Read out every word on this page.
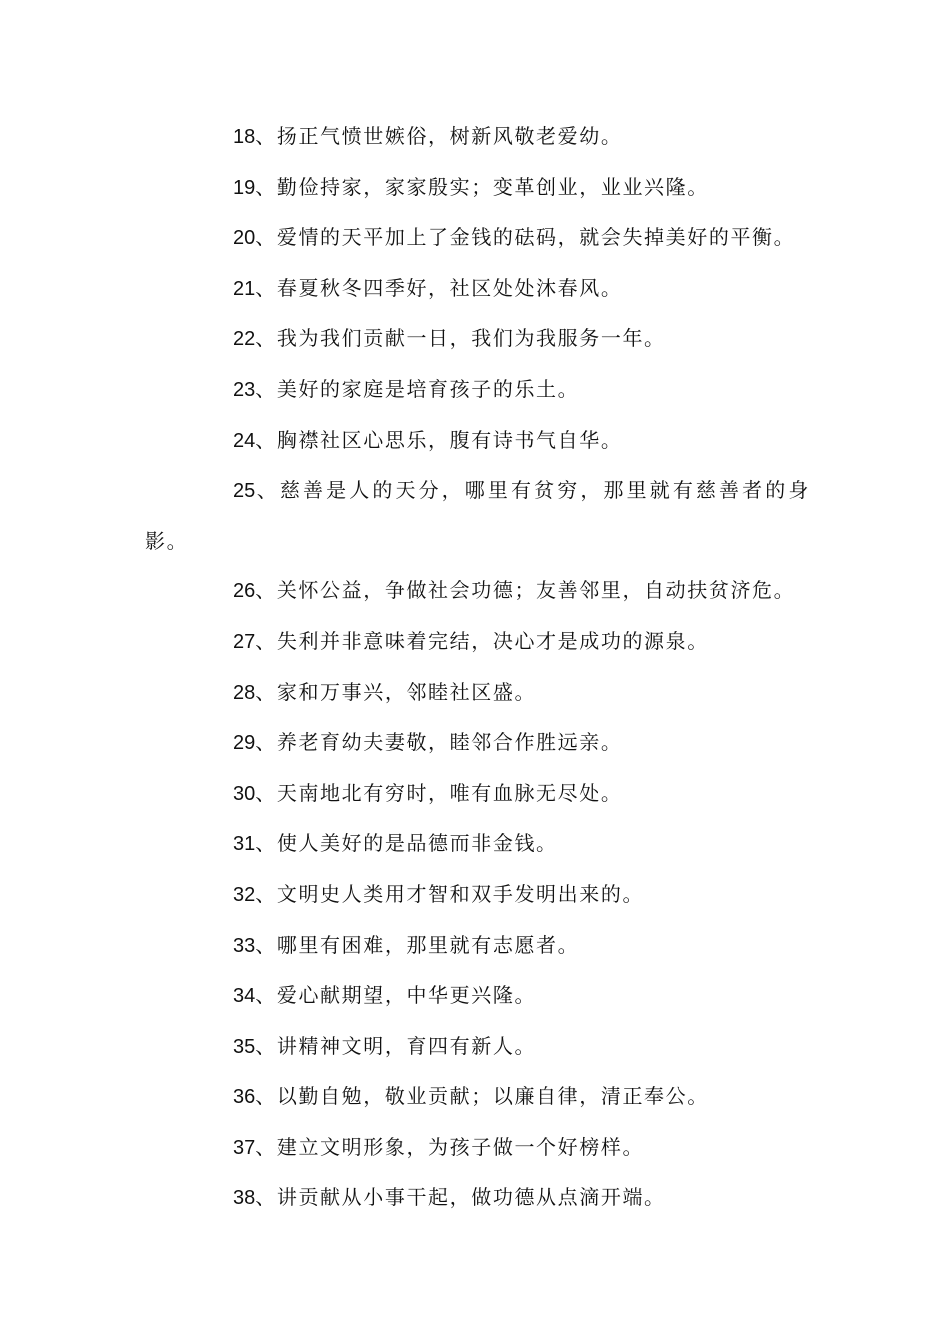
18、扬正气愤世嫉俗，树新风敬老爱幼。

19、勤俭持家，家家殷实；变革创业，业业兴隆。

20、爱情的天平加上了金钱的砝码，就会失掉美好的平衡。

21、春夏秋冬四季好，社区处处沐春风。

22、我为我们贡献一日，我们为我服务一年。

23、美好的家庭是培育孩子的乐土。

24、胸襟社区心思乐，腹有诗书气自华。

25、慈善是人的天分，哪里有贫穷，那里就有慈善者的身影。

26、关怀公益，争做社会功德；友善邻里，自动扶贫济危。

27、失利并非意味着完结，决心才是成功的源泉。

28、家和万事兴，邻睦社区盛。

29、养老育幼夫妻敬，睦邻合作胜远亲。

30、天南地北有穷时，唯有血脉无尽处。

31、使人美好的是品德而非金钱。

32、文明史人类用才智和双手发明出来的。

33、哪里有困难，那里就有志愿者。

34、爱心献期望，中华更兴隆。

35、讲精神文明，育四有新人。

36、以勤自勉，敬业贡献；以廉自律，清正奉公。

37、建立文明形象，为孩子做一个好榜样。

38、讲贡献从小事干起，做功德从点滴开端。
